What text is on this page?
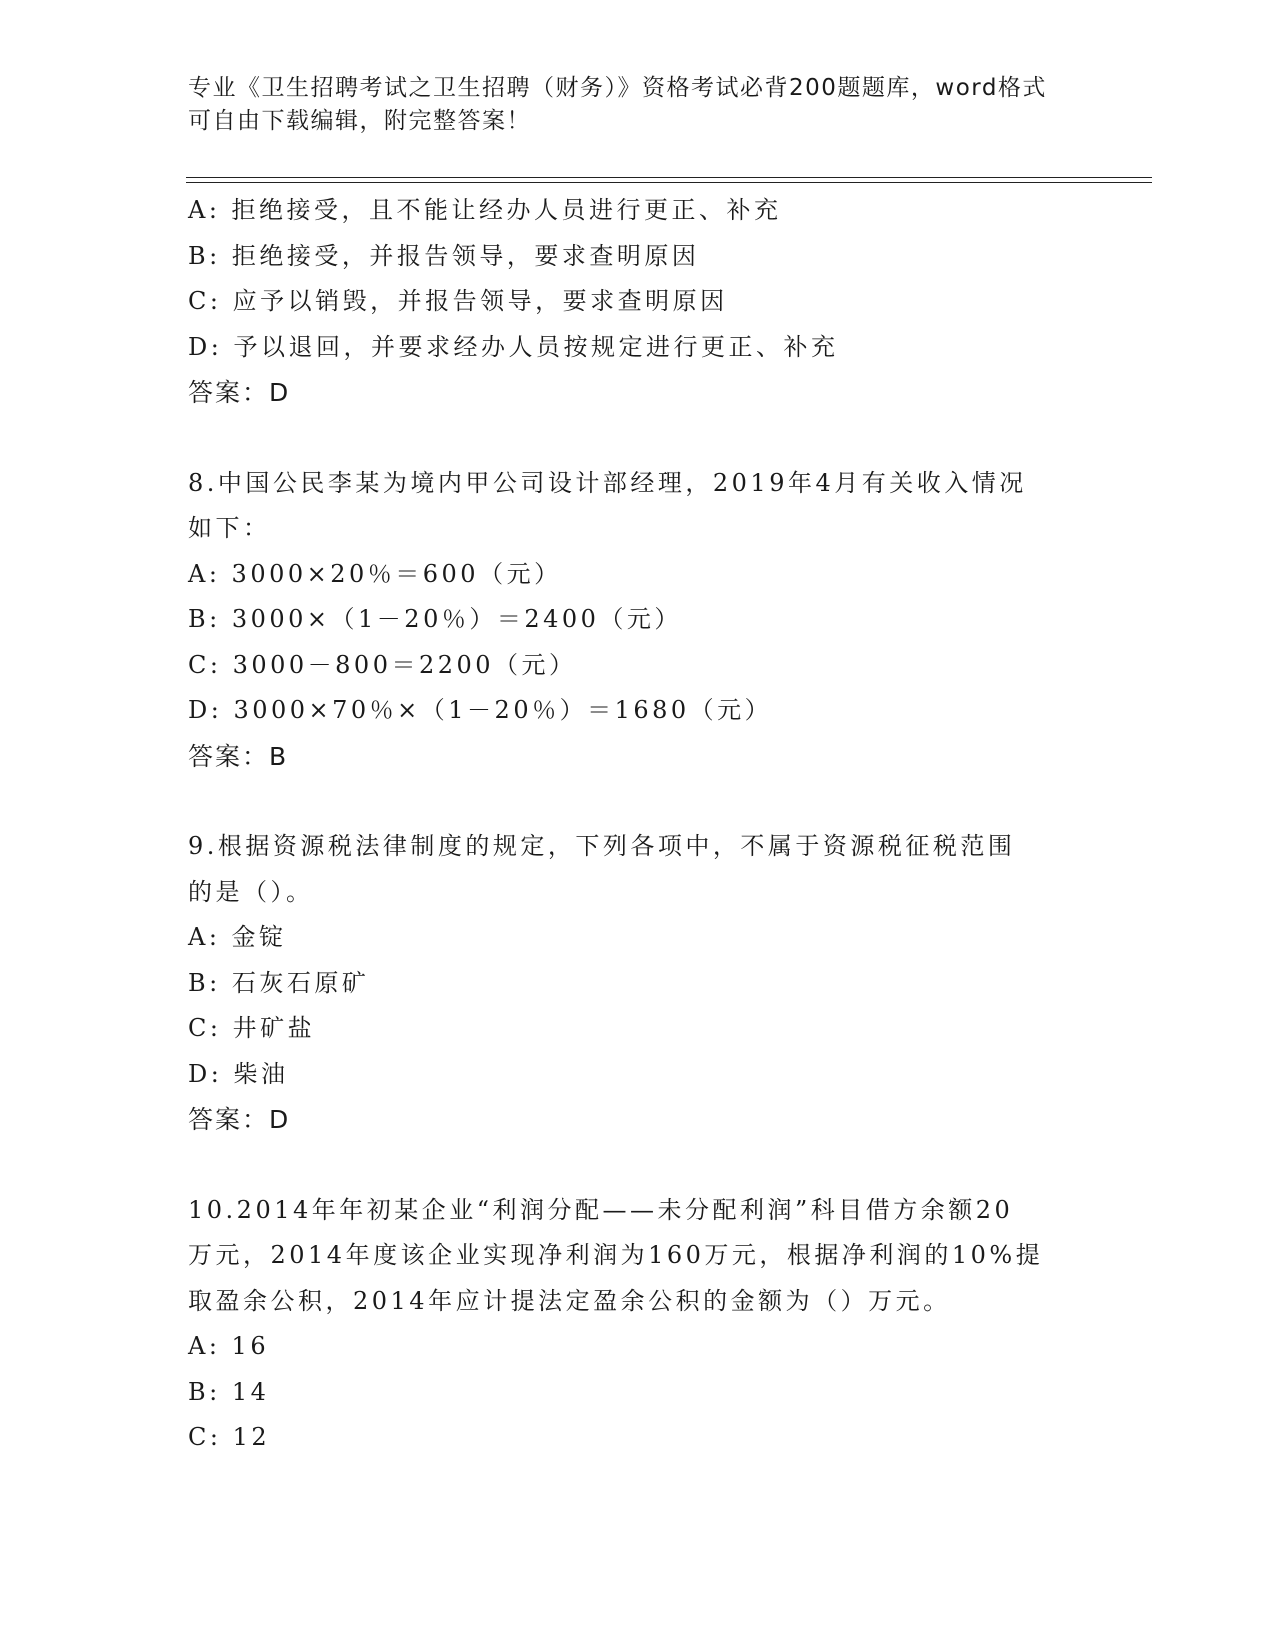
专业《卫生招聘考试之卫生招聘（财务）》资格考试必背200题题库，word格式
可自由下载编辑，附完整答案！
A: 拒绝接受，且不能让经办人员进行更正、补充
B: 拒绝接受，并报告领导，要求查明原因
C: 应予以销毁，并报告领导，要求查明原因
D: 予以退回，并要求经办人员按规定进行更正、补充
答案：D
8.中国公民李某为境内甲公司设计部经理，2019年4月有关收入情况
如下：
A: 3000×20％＝600（元）
B: 3000×（1－20％）＝2400（元）
C: 3000－800＝2200（元）
D: 3000×70％×（1－20％）＝1680（元）
答案：B
9.根据资源税法律制度的规定，下列各项中，不属于资源税征税范围
的是（）。
A: 金锭
B: 石灰石原矿
C: 井矿盐
D: 柴油
答案：D
10.2014年年初某企业“利润分配——未分配利润”科目借方余额20
万元，2014年度该企业实现净利润为160万元，根据净利润的10%提
取盈余公积，2014年应计提法定盈余公积的金额为（）万元。
A: 16
B: 14
C: 12
